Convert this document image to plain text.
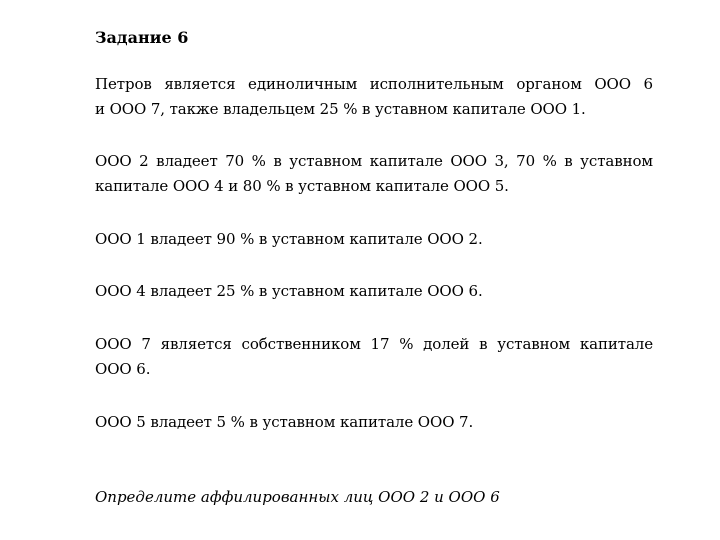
Задание 6

Петров является единоличным исполнительным органом ООО 6
и ООО 7, также владельцем 25 % в уставном капитале ООО 1.

ООО 2 владеет 70 % в уставном капитале ООО 3, 70 % в уставном
капитале ООО 4 и 80 % в уставном капитале ООО 5.

ООО 1 владеет 90 % в уставном капитале ООО 2.

ООО 4 владеет 25 % в уставном капитале ООО 6.

ООО 7 является собственником 17 % долей в уставном капитале
ООО 6.

ООО 5 владеет 5 % в уставном капитале ООО 7.

Определите аффилированных лиц ООО 2 и ООО 6
